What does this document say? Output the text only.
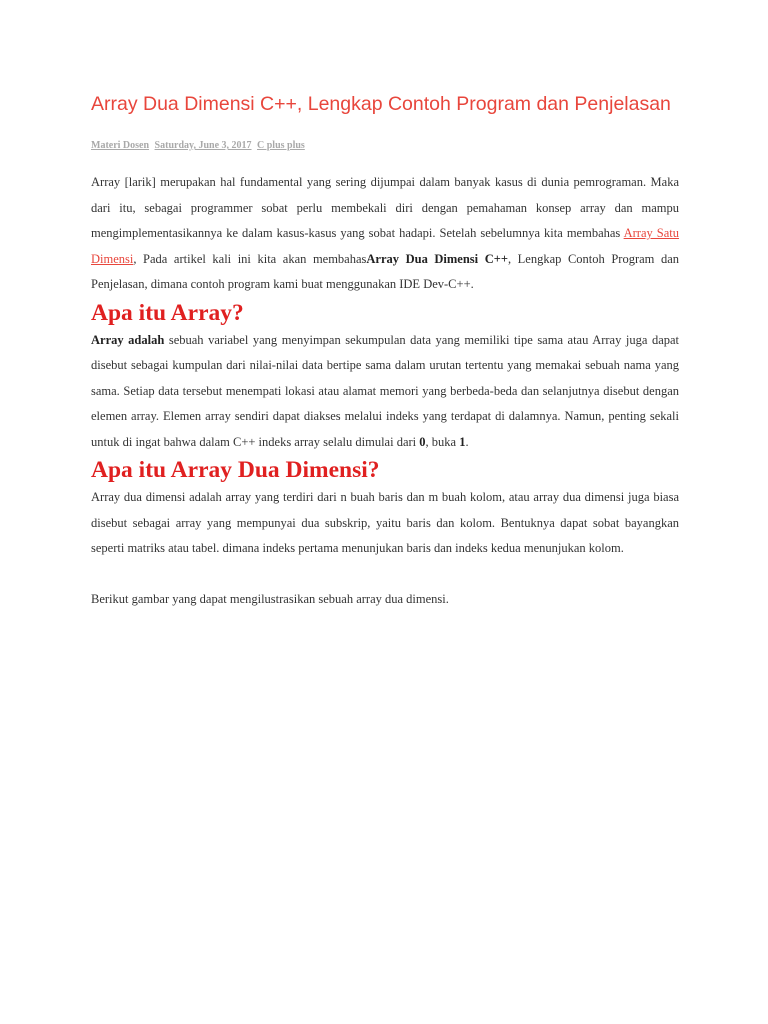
Array Dua Dimensi C++, Lengkap Contoh Program dan Penjelasan
Materi Dosen Saturday, June 3, 2017 C plus plus

Array [larik] merupakan hal fundamental yang sering dijumpai dalam banyak kasus di dunia pemrograman. Maka dari itu, sebagai programmer sobat perlu membekali diri dengan pemahaman konsep array dan mampu mengimplementasikannya ke dalam kasus-kasus yang sobat hadapi. Setelah sebelumnya kita membahas Array Satu Dimensi, Pada artikel kali ini kita akan membahasArray Dua Dimensi C++, Lengkap Contoh Program dan Penjelasan, dimana contoh program kami buat menggunakan IDE Dev-C++.

Apa itu Array?

Array adalah sebuah variabel yang menyimpan sekumpulan data yang memiliki tipe sama atau Array juga dapat disebut sebagai kumpulan dari nilai-nilai data bertipe sama dalam urutan tertentu yang memakai sebuah nama yang sama. Setiap data tersebut menempati lokasi atau alamat memori yang berbeda-beda dan selanjutnya disebut dengan elemen array. Elemen array sendiri dapat diakses melalui indeks yang terdapat di dalamnya. Namun, penting sekali untuk di ingat bahwa dalam C++ indeks array selalu dimulai dari 0, buka 1.

Apa itu Array Dua Dimensi?

Array dua dimensi adalah array yang terdiri dari n buah baris dan m buah kolom, atau array dua dimensi juga biasa disebut sebagai array yang mempunyai dua subskrip, yaitu baris dan kolom. Bentuknya dapat sobat bayangkan seperti matriks atau tabel. dimana indeks pertama menunjukan baris dan indeks kedua menunjukan kolom.

Berikut gambar yang dapat mengilustrasikan sebuah array dua dimensi.
